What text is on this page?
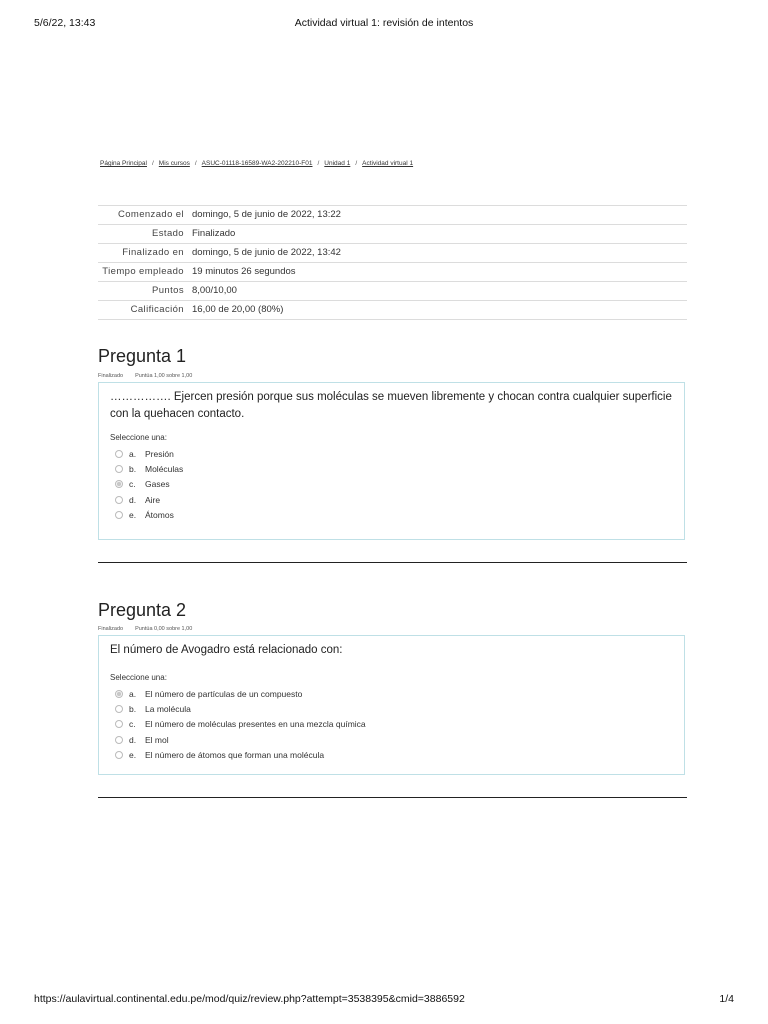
5/6/22, 13:43	Actividad virtual 1: revisión de intentos
Página Principal / Mis cursos / ASUC-01118-16589-WA2-202210-F01 / Unidad 1 / Actividad virtual 1
Comenzado el	domingo, 5 de junio de 2022, 13:22
Estado	Finalizado
Finalizado en	domingo, 5 de junio de 2022, 13:42
Tiempo empleado	19 minutos 26 segundos
Puntos	8,00/10,00
Calificación	16,00 de 20,00 (80%)
Pregunta 1
Finalizado Puntúa 1,00 sobre 1,00
……………. Ejercen presión porque sus moléculas se mueven libremente y chocan contra cualquier superficie con la quehacen contacto.
Seleccione una:
a.	Presión
b.	Moléculas
c.	Gases
d.	Aire
e.	Átomos
Pregunta 2
Finalizado Puntúa 0,00 sobre 1,00
El número de Avogadro está relacionado con:
Seleccione una:
a.	El número de partículas de un compuesto
b.	La molécula
c.	El número de moléculas presentes en una mezcla química
d.	El mol
e.	El número de átomos que forman una molécula
https://aulavirtual.continental.edu.pe/mod/quiz/review.php?attempt=3538395&cmid=3886592	1/4
